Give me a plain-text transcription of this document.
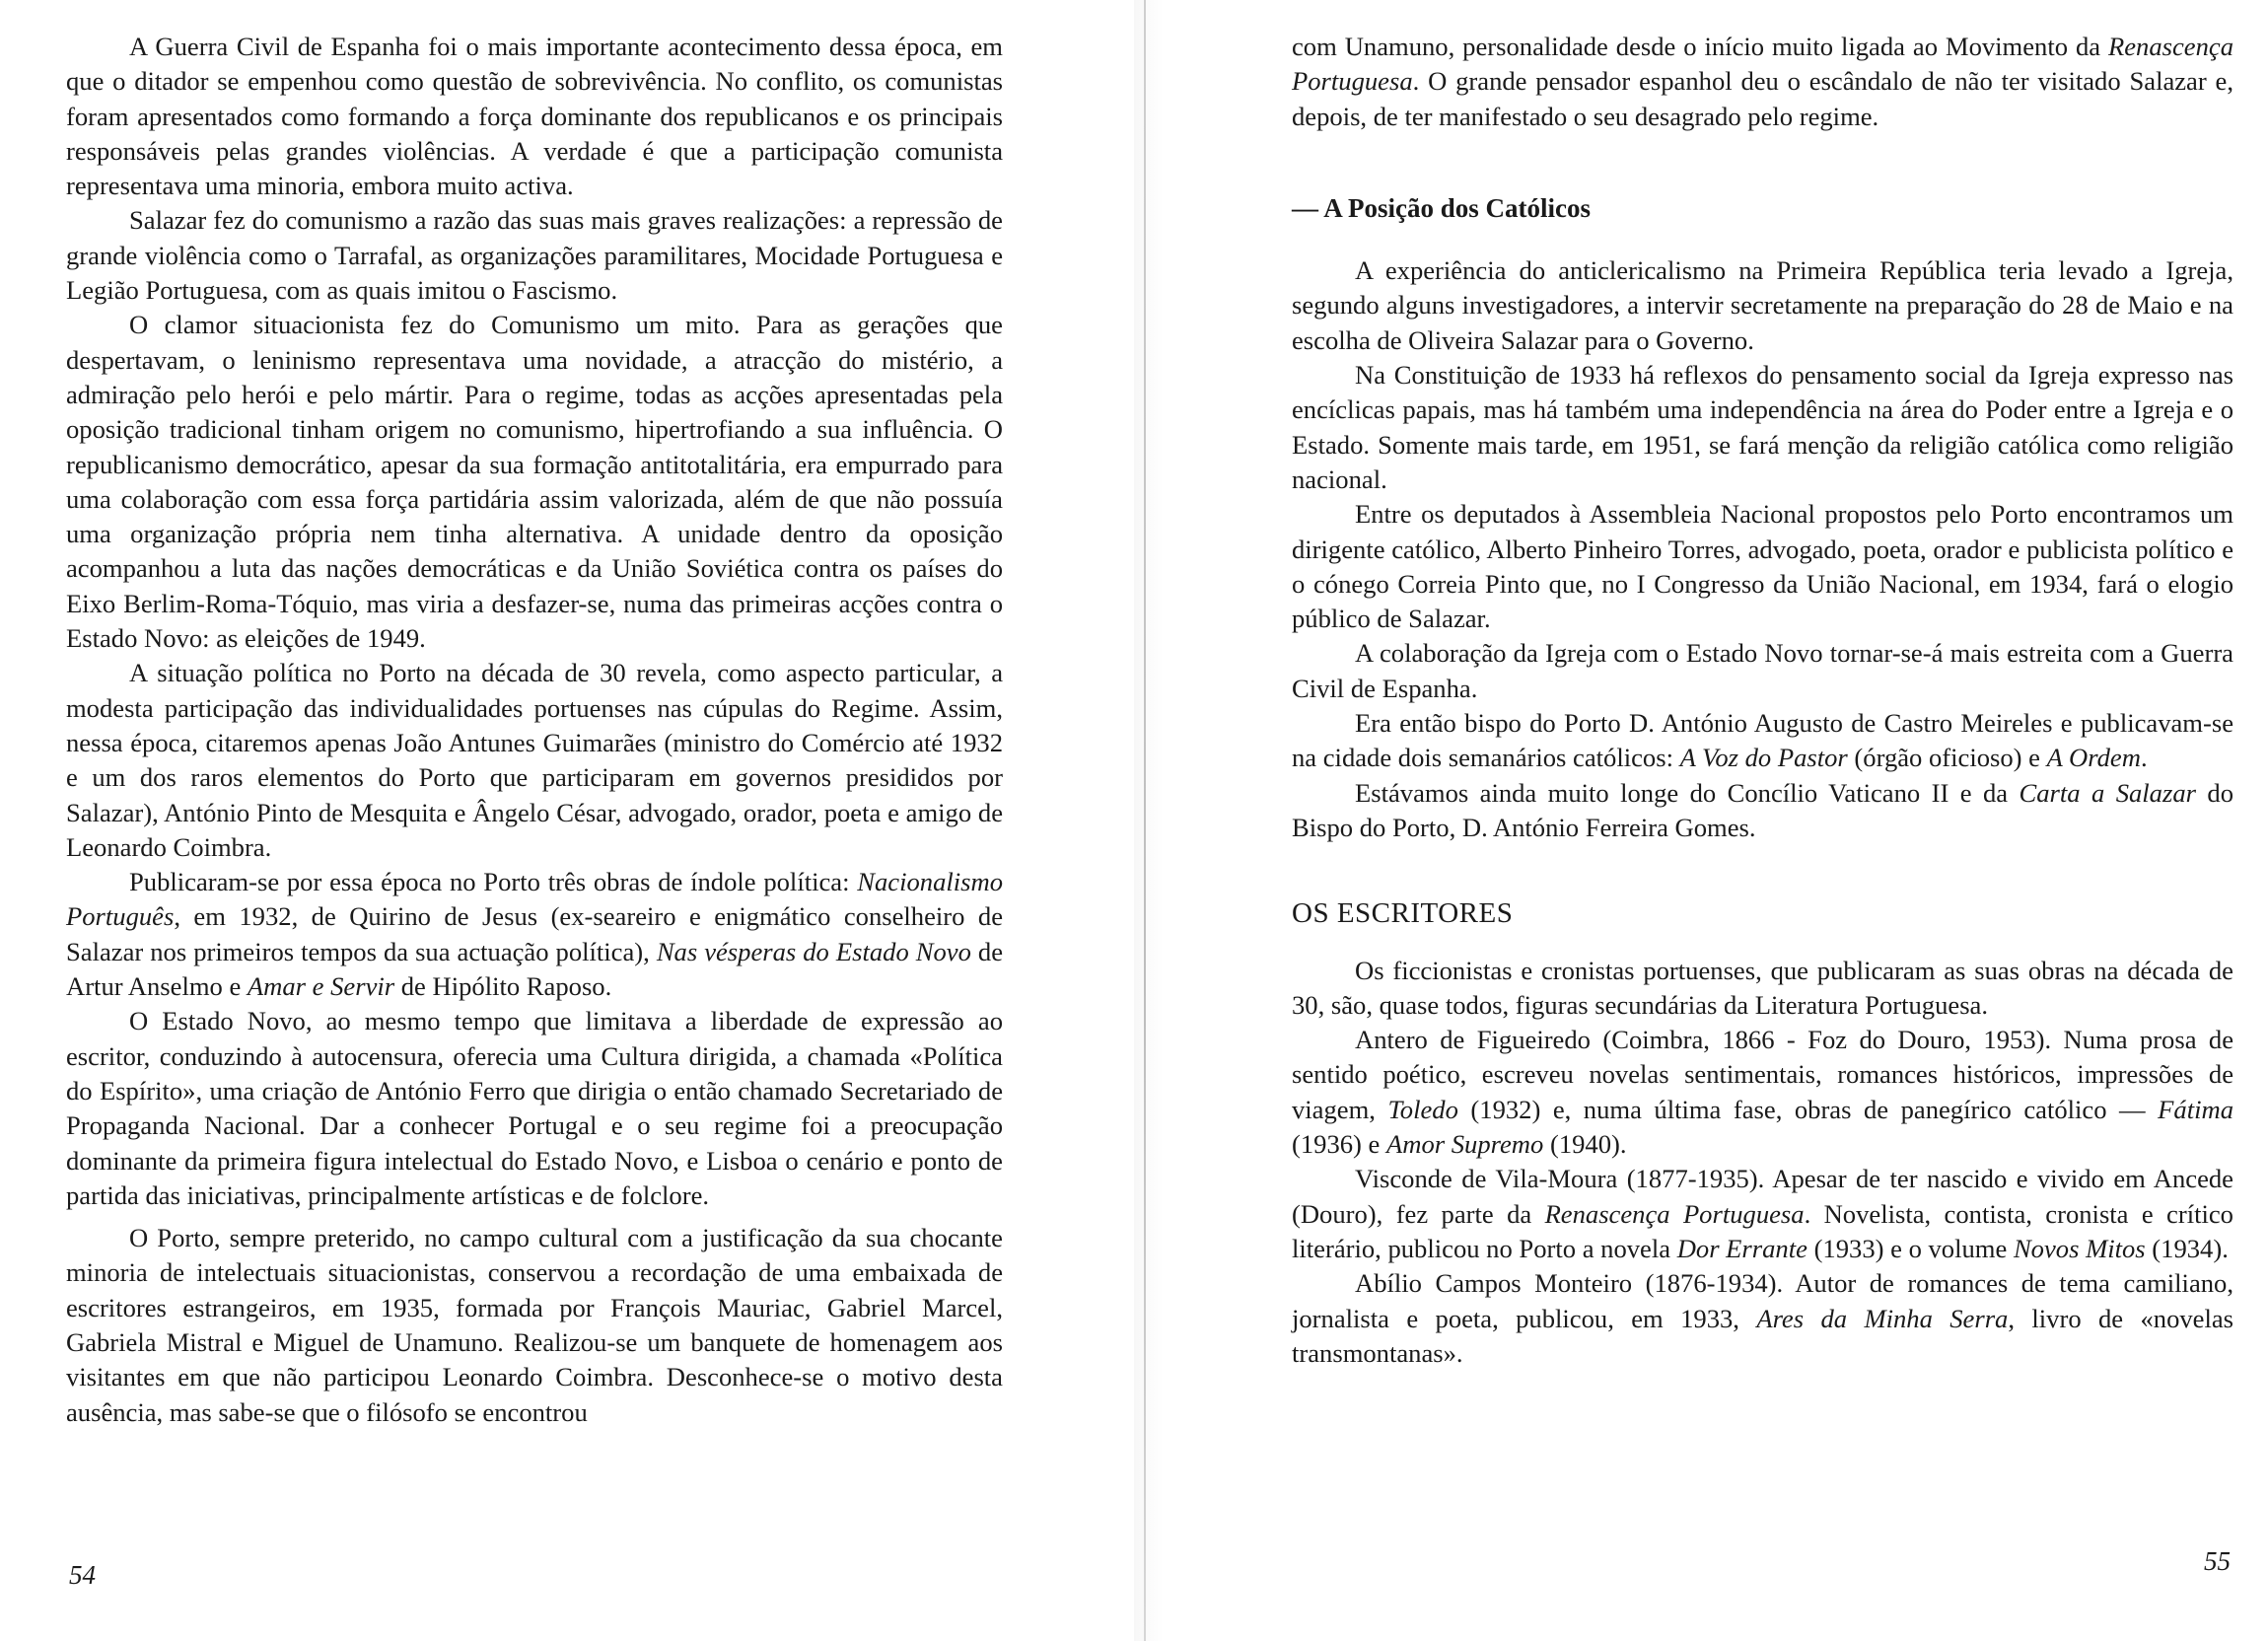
A Guerra Civil de Espanha foi o mais importante acontecimento dessa época, em que o ditador se empenhou como questão de sobrevivência. No conflito, os comunistas foram apresentados como formando a força dominante dos republicanos e os principais responsáveis pelas grandes violências. A verdade é que a participação comunista representava uma minoria, embora muito activa.

Salazar fez do comunismo a razão das suas mais graves realizações: a repressão de grande violência como o Tarrafal, as organizações paramilitares, Mocidade Portuguesa e Legião Portuguesa, com as quais imitou o Fascismo.

O clamor situacionista fez do Comunismo um mito. Para as gerações que despertavam, o leninismo representava uma novidade, a atracção do mistério, a admiração pelo herói e pelo mártir. Para o regime, todas as acções apresentadas pela oposição tradicional tinham origem no comunismo, hipertrofiando a sua influência. O republicanismo democrático, apesar da sua formação antitotalitária, era empurrado para uma colaboração com essa força partidária assim valorizada, além de que não possuía uma organização própria nem tinha alternativa. A unidade dentro da oposição acompanhou a luta das nações democráticas e da União Soviética contra os países do Eixo Berlim-Roma-Tóquio, mas viria a desfazer-se, numa das primeiras acções contra o Estado Novo: as eleições de 1949.

A situação política no Porto na década de 30 revela, como aspecto particular, a modesta participação das individualidades portuenses nas cúpulas do Regime. Assim, nessa época, citaremos apenas João Antunes Guimarães (ministro do Comércio até 1932 e um dos raros elementos do Porto que participaram em governos presididos por Salazar), António Pinto de Mesquita e Ângelo César, advogado, orador, poeta e amigo de Leonardo Coimbra.

Publicaram-se por essa época no Porto três obras de índole política: Nacionalismo Português, em 1932, de Quirino de Jesus (ex-seareiro e enigmático conselheiro de Salazar nos primeiros tempos da sua actuação política), Nas vésperas do Estado Novo de Artur Anselmo e Amar e Servir de Hipólito Raposo.

O Estado Novo, ao mesmo tempo que limitava a liberdade de expressão ao escritor, conduzindo à autocensura, oferecia uma Cultura dirigida, a chamada «Política do Espírito», uma criação de António Ferro que dirigia o então chamado Secretariado de Propaganda Nacional. Dar a conhecer Portugal e o seu regime foi a preocupação dominante da primeira figura intelectual do Estado Novo, e Lisboa o cenário e ponto de partida das iniciativas, principalmente artísticas e de folclore.

O Porto, sempre preterido, no campo cultural com a justificação da sua chocante minoria de intelectuais situacionistas, conservou a recordação de uma embaixada de escritores estrangeiros, em 1935, formada por François Mauriac, Gabriel Marcel, Gabriela Mistral e Miguel de Unamuno. Realizou-se um banquete de homenagem aos visitantes em que não participou Leonardo Coimbra. Desconhece-se o motivo desta ausência, mas sabe-se que o filósofo se encontrou

54

com Unamuno, personalidade desde o início muito ligada ao Movimento da Renascença Portuguesa. O grande pensador espanhol deu o escândalo de não ter visitado Salazar e, depois, de ter manifestado o seu desagrado pelo regime.

— A Posição dos Católicos

A experiência do anticlericalismo na Primeira República teria levado a Igreja, segundo alguns investigadores, a intervir secretamente na preparação do 28 de Maio e na escolha de Oliveira Salazar para o Governo.

Na Constituição de 1933 há reflexos do pensamento social da Igreja expresso nas encíclicas papais, mas há também uma independência na área do Poder entre a Igreja e o Estado. Somente mais tarde, em 1951, se fará menção da religião católica como religião nacional.

Entre os deputados à Assembleia Nacional propostos pelo Porto encontramos um dirigente católico, Alberto Pinheiro Torres, advogado, poeta, orador e publicista político e o cónego Correia Pinto que, no I Congresso da União Nacional, em 1934, fará o elogio público de Salazar.

A colaboração da Igreja com o Estado Novo tornar-se-á mais estreita com a Guerra Civil de Espanha.

Era então bispo do Porto D. António Augusto de Castro Meireles e publicavam-se na cidade dois semanários católicos: A Voz do Pastor (órgão oficioso) e A Ordem.

Estávamos ainda muito longe do Concílio Vaticano II e da Carta a Salazar do Bispo do Porto, D. António Ferreira Gomes.

OS ESCRITORES

Os ficcionistas e cronistas portuenses, que publicaram as suas obras na década de 30, são, quase todos, figuras secundárias da Literatura Portuguesa.

Antero de Figueiredo (Coimbra, 1866 - Foz do Douro, 1953). Numa prosa de sentido poético, escreveu novelas sentimentais, romances históricos, impressões de viagem, Toledo (1932) e, numa última fase, obras de panegírico católico — Fátima (1936) e Amor Supremo (1940).

Visconde de Vila-Moura (1877-1935). Apesar de ter nascido e vivido em Ancede (Douro), fez parte da Renascença Portuguesa. Novelista, contista, cronista e crítico literário, publicou no Porto a novela Dor Errante (1933) e o volume Novos Mitos (1934).

Abílio Campos Monteiro (1876-1934). Autor de romances de tema camiliano, jornalista e poeta, publicou, em 1933, Ares da Minha Serra, livro de «novelas transmontanas».

55
